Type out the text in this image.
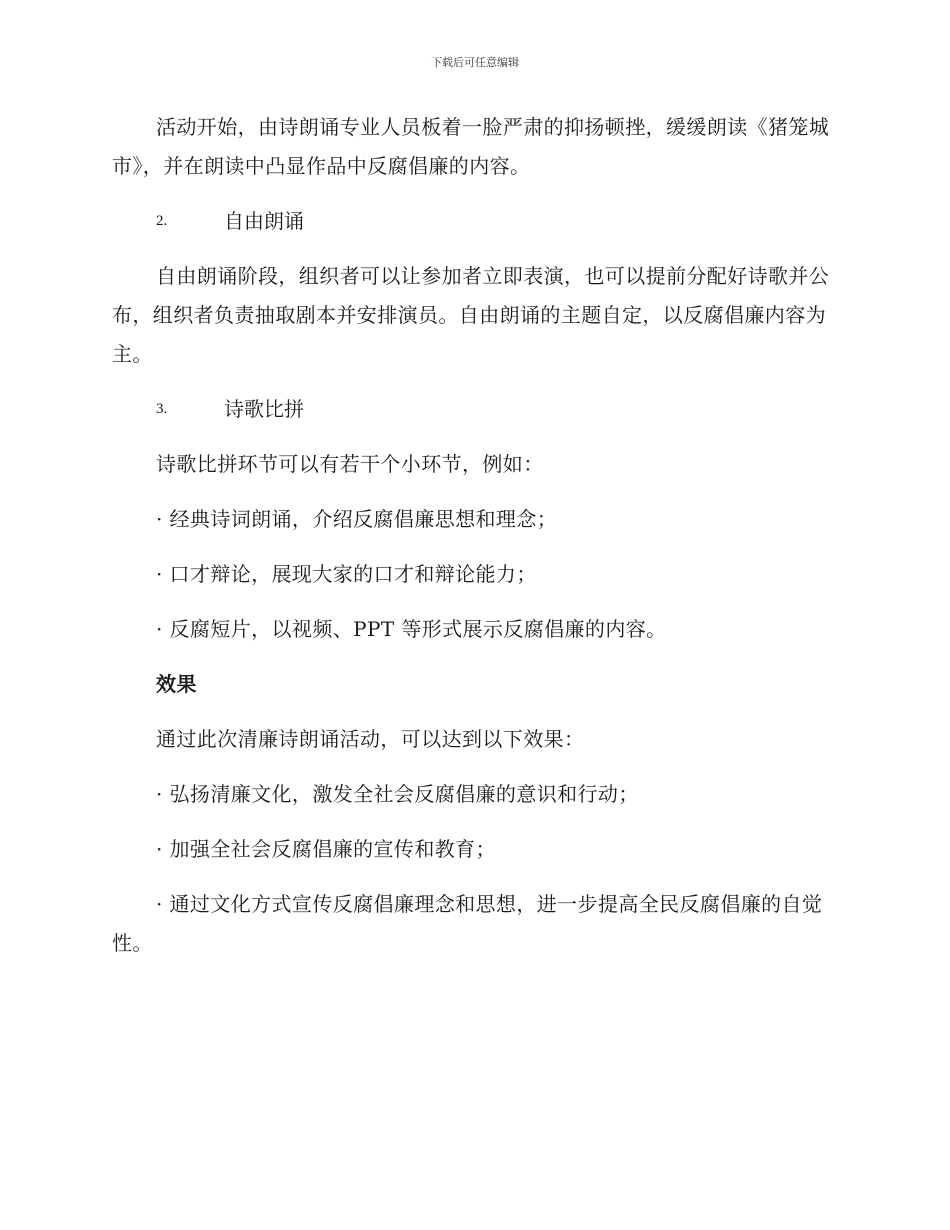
下载后可任意编辑

活动开始，由诗朗诵专业人员板着一脸严肃的抑扬顿挫，缓缓朗读《猪笼城市》，并在朗读中凸显作品中反腐倡廉的内容。

2.	自由朗诵

自由朗诵阶段，组织者可以让参加者立即表演，也可以提前分配好诗歌并公布，组织者负责抽取剧本并安排演员。自由朗诵的主题自定，以反腐倡廉内容为主。

3.	诗歌比拼

诗歌比拼环节可以有若干个小环节，例如：

· 经典诗词朗诵，介绍反腐倡廉思想和理念；

· 口才辩论，展现大家的口才和辩论能力；

· 反腐短片，以视频、PPT 等形式展示反腐倡廉的内容。

效果

通过此次清廉诗朗诵活动，可以达到以下效果：

· 弘扬清廉文化，激发全社会反腐倡廉的意识和行动；

· 加强全社会反腐倡廉的宣传和教育；

· 通过文化方式宣传反腐倡廉理念和思想，进一步提高全民反腐倡廉的自觉性。
